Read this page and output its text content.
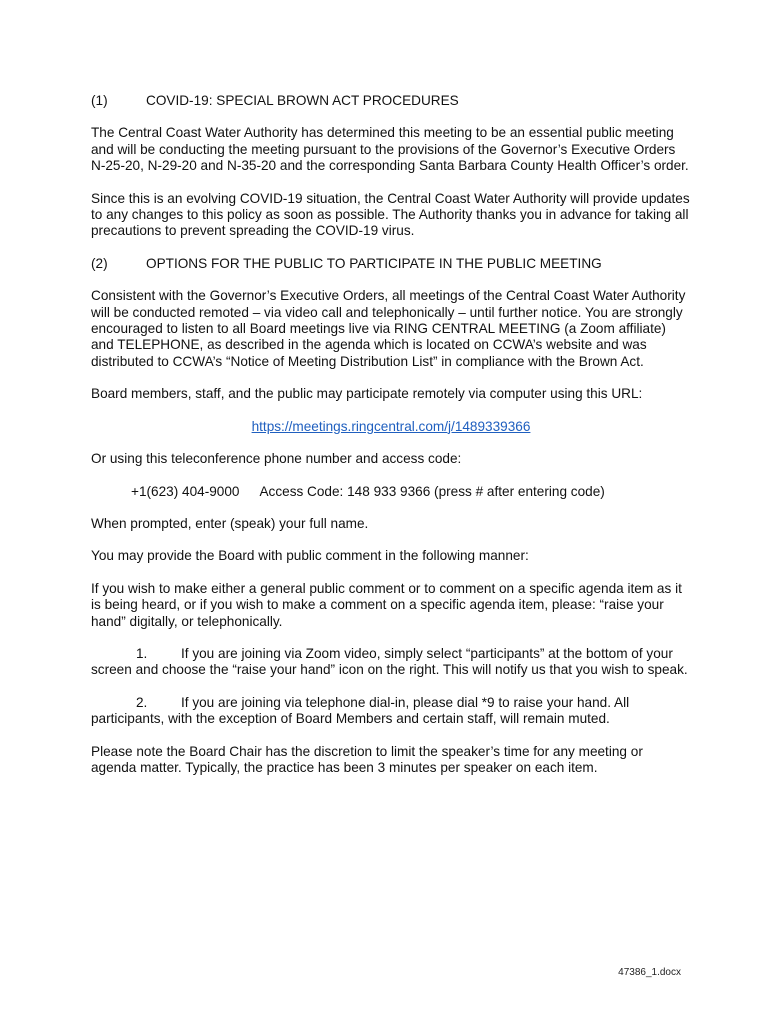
(1)	COVID-19: SPECIAL BROWN ACT PROCEDURES

The Central Coast Water Authority has determined this meeting to be an essential public meeting and will be conducting the meeting pursuant to the provisions of the Governor’s Executive Orders N-25-20, N-29-20 and N-35-20 and the corresponding Santa Barbara County Health Officer’s order.

Since this is an evolving COVID-19 situation, the Central Coast Water Authority will provide updates to any changes to this policy as soon as possible. The Authority thanks you in advance for taking all precautions to prevent spreading the COVID-19 virus.

(2)	OPTIONS FOR THE PUBLIC TO PARTICIPATE IN THE PUBLIC MEETING

Consistent with the Governor’s Executive Orders, all meetings of the Central Coast Water Authority will be conducted remoted – via video call and telephonically – until further notice. You are strongly encouraged to listen to all Board meetings live via RING CENTRAL MEETING (a Zoom affiliate) and TELEPHONE, as described in the agenda which is located on CCWA’s website and was distributed to CCWA’s “Notice of Meeting Distribution List” in compliance with the Brown Act.

Board members, staff, and the public may participate remotely via computer using this URL:

https://meetings.ringcentral.com/j/1489339366

Or using this teleconference phone number and access code:

+1(623) 404-9000 Access Code: 148 933 9366 (press # after entering code)

When prompted, enter (speak) your full name.

You may provide the Board with public comment in the following manner:

If you wish to make either a general public comment or to comment on a specific agenda item as it is being heard, or if you wish to make a comment on a specific agenda item, please: “raise your hand” digitally, or telephonically.

1. If you are joining via Zoom video, simply select “participants” at the bottom of your screen and choose the “raise your hand” icon on the right. This will notify us that you wish to speak.

2. If you are joining via telephone dial-in, please dial *9 to raise your hand. All participants, with the exception of Board Members and certain staff, will remain muted.

Please note the Board Chair has the discretion to limit the speaker’s time for any meeting or agenda matter. Typically, the practice has been 3 minutes per speaker on each item.

47386_1.docx
